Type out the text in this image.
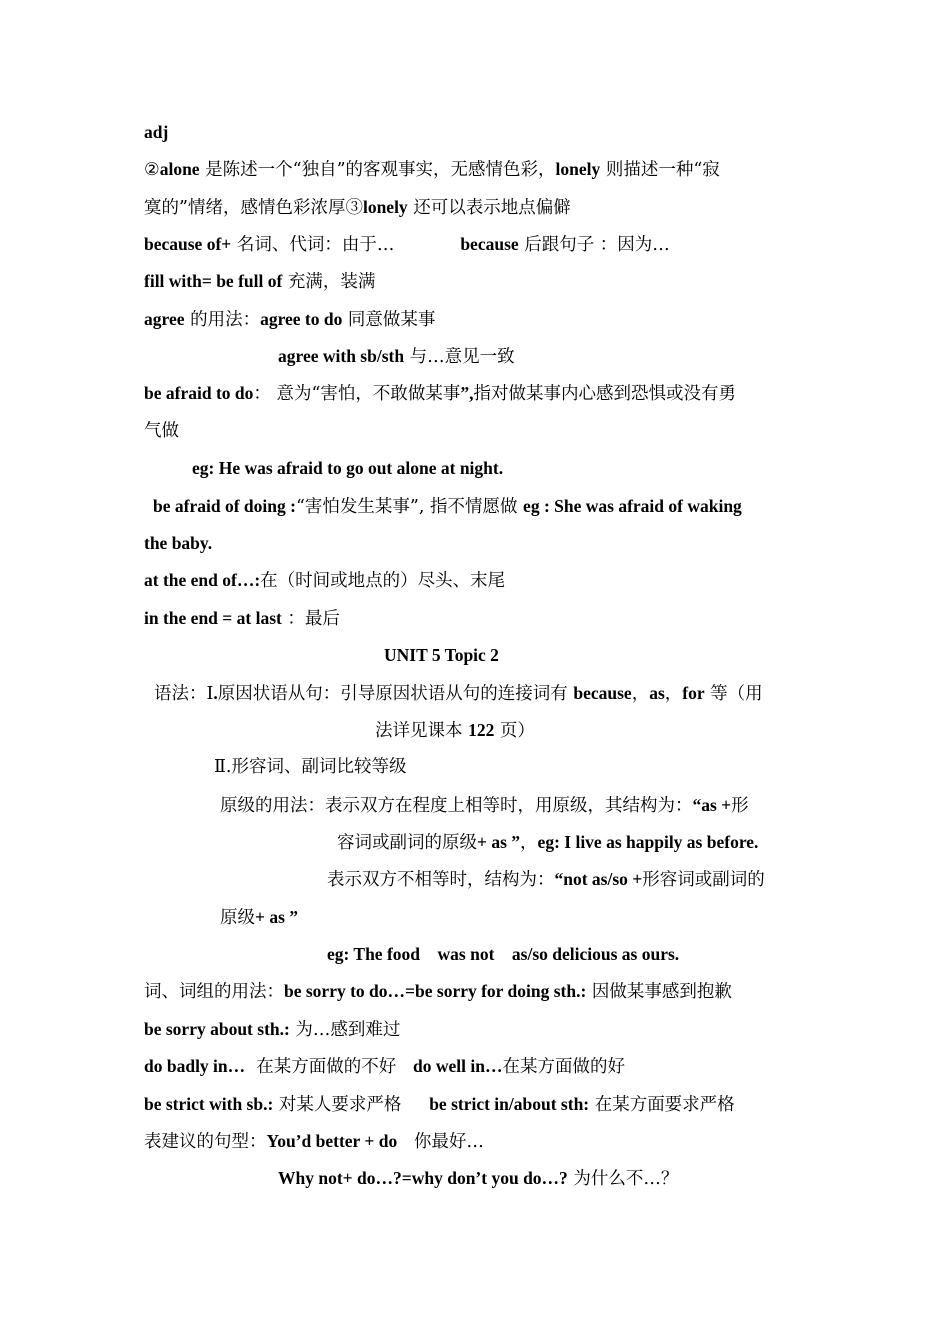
adj
②alone 是陈述一个“独自”的客观事实，无感情色彩，lonely 则描述一种“寂
寞的”情绪，感情色彩浓厚③lonely 还可以表示地点偏僻
because of+ 名词、代词：由于…	because 后跟句子 ：因为…
fill with= be full of 充满，装满
agree 的用法：agree to do 同意做某事
agree with sb/sth 与…意见一致
be afraid to do： 意为“害怕，不敢做某事”,指对做某事内心感到恐惧或没有勇
气做
eg: He was afraid to go out alone at night.
be afraid of doing :“害怕发生某事”, 指不情愿做 eg : She was afraid of waking
the baby.
at the end of…:在（时间或地点的）尽头、末尾
in the end = at last ：最后
UNIT 5 Topic 2
语法：Ⅰ.原因状语从句：引导原因状语从句的连接词有 because，as，for 等（用
法详见课本 122 页）
Ⅱ.形容词、副词比较等级
原级的用法：表示双方在程度上相等时，用原级，其结构为：“as +形
容词或副词的原级+ as ”，eg: I live as happily as before.
表示双方不相等时，结构为：“not as/so +形容词或副词的
原级+ as ”
eg: The food    was not    as/so delicious as ours.
词、词组的用法：be sorry to do…=be sorry for doing sth.: 因做某事感到抱歉
be sorry about sth.: 为…感到难过
do badly in…  在某方面做的不好   do well in…在某方面做的好
be strict with sb.: 对某人要求严格     be strict in/about sth: 在某方面要求严格
表建议的句型：You’d better + do   你最好…
Why not+ do…?=why don’t you do…? 为什么不…？
